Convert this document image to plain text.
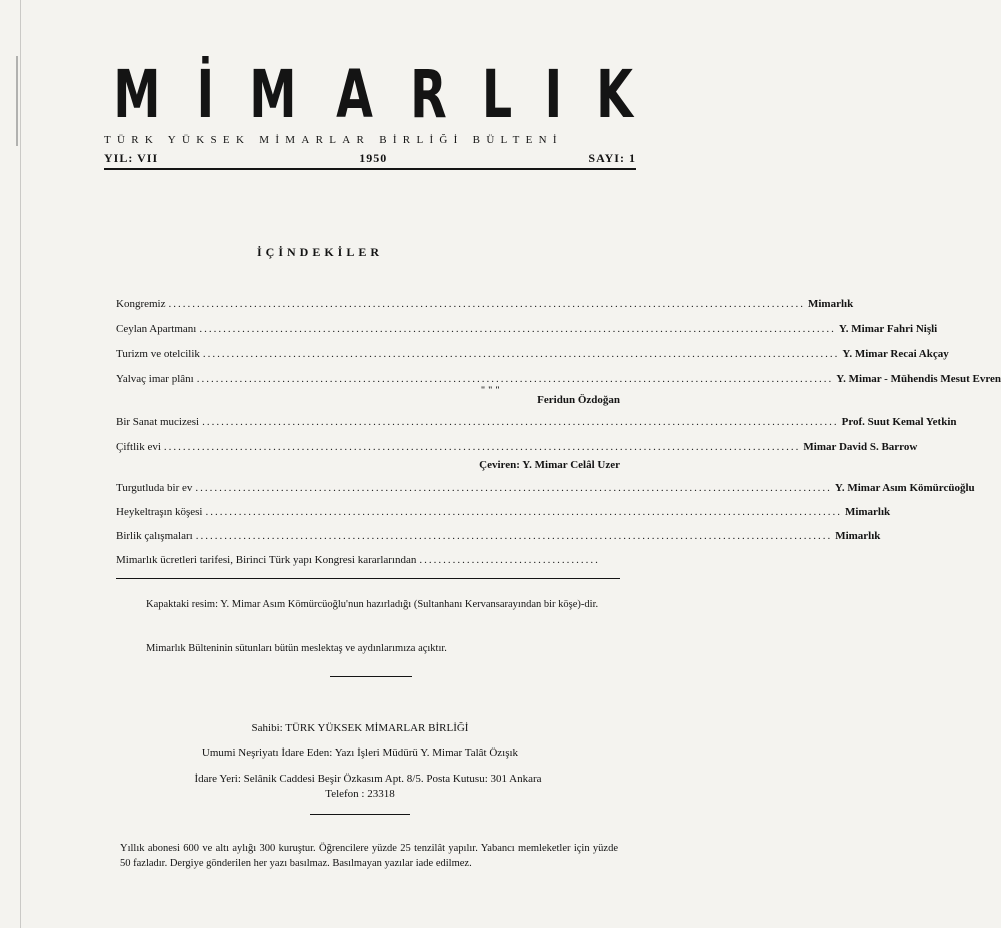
M İ M A R L I K
TÜRK YÜKSEK MİMARLAR BİRLİĞİ BÜLTENİ
YIL: VII	1950	SAYI: 1
İÇİNDEKİLER
Kongremiz ...................................................................................................................................... Mimarlık
Ceylan Apartmanı ...................................................................................................................................... Y. Mimar Fahri Nişli
Turizm ve otelcilik ...................................................................................................................................... Y. Mimar Recai Akçay
Yalvaç imar plânı ...................................................................................................................................... Y. Mimar - Mühendis Mesut Evren
" " "
Feridun Özdoğan
Bir Sanat mucizesi ...................................................................................................................................... Prof. Suut Kemal Yetkin
Çiftlik evi ...................................................................................................................................... Mimar David S. Barrow
Çeviren: Y. Mimar Celâl Uzer
Turgutluda bir ev ...................................................................................................................................... Y. Mimar Asım Kömürcüoğlu
Heykeltraşın köşesi ...................................................................................................................................... Mimarlık
Birlik çalışmaları ...................................................................................................................................... Mimarlık
Mimarlık ücretleri tarifesi, Birinci Türk yapı Kongresi kararlarından ......................................
Kapaktaki resim: Y. Mimar Asım Kömürcüoğlu'nun hazırladığı (Sultanhanı Kervansarayından bir köşe)-dir.
Mimarlık Bülteninin sütunları bütün meslektaş ve aydınlarımıza açıktır.
Sahibi: TÜRK YÜKSEK MİMARLAR BİRLİĞİ
Umumi Neşriyatı İdare Eden: Yazı İşleri Müdürü Y. Mimar Talât Özışık
İdare Yeri: Selânik Caddesi Beşir Özkasım Apt. 8/5. Posta Kutusu: 301 Ankara
Telefon : 23318
Yıllık abonesi 600 ve altı aylığı 300 kuruştur. Öğrencilere yüzde 25 tenzilât yapılır. Yabancı memleketler için yüzde 50 fazladır. Dergiye gönderilen her yazı basılmaz. Basılmayan yazılar iade edilmez.
